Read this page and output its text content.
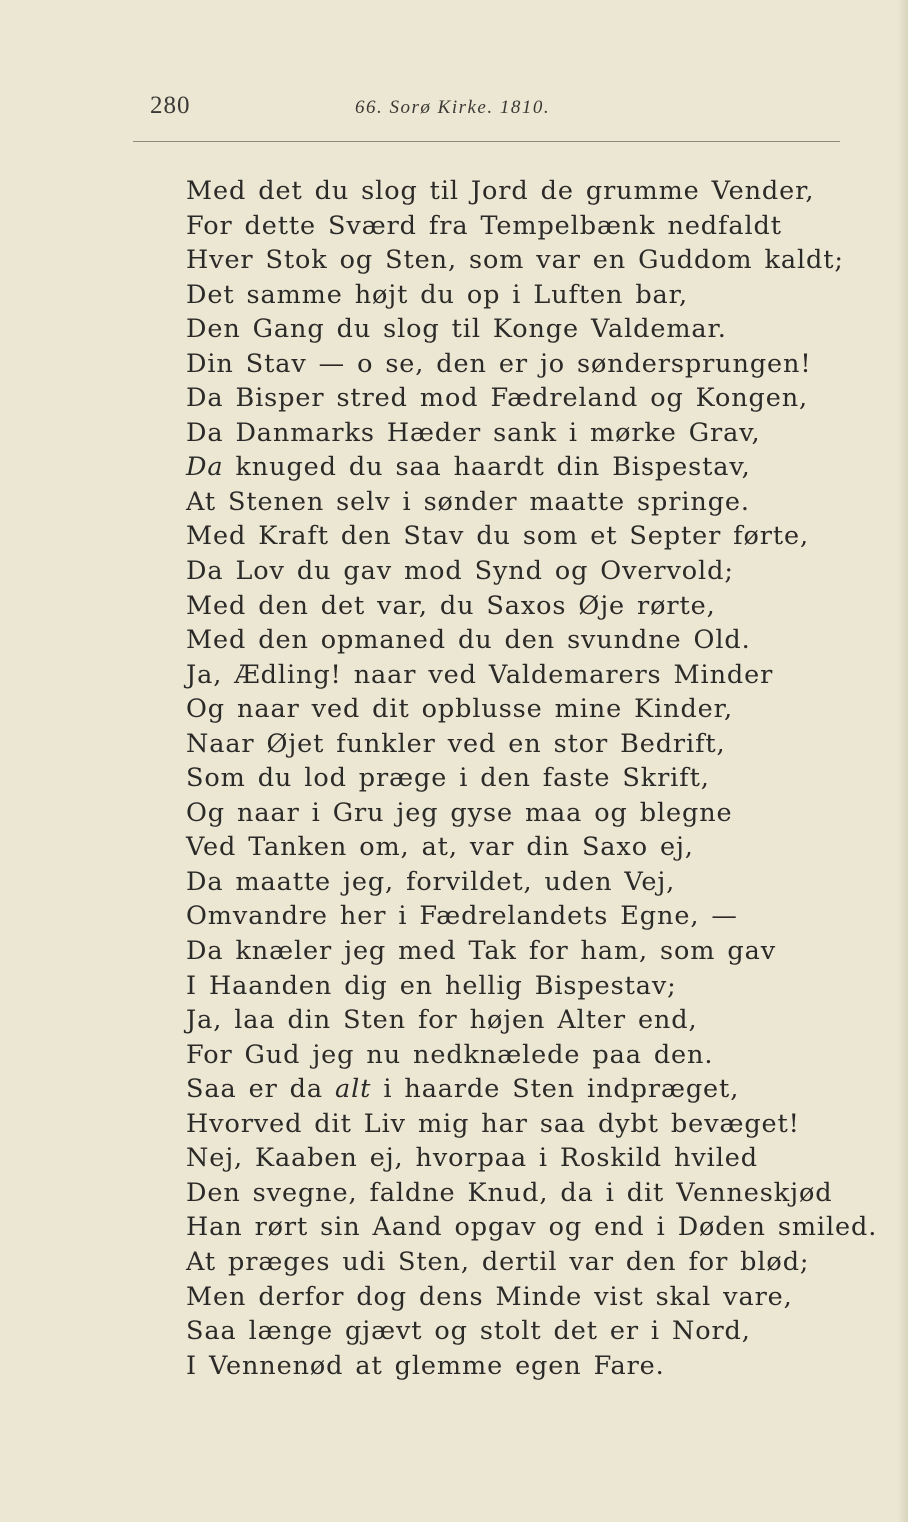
280	66. Sorø Kirke. 1810.
Med det du slog til Jord de grumme Vender,
For dette Sværd fra Tempelbænk nedfaldt
Hver Stok og Sten, som var en Guddom kaldt;
Det samme højt du op i Luften bar,
Den Gang du slog til Konge Valdemar.
Din Stav — o se, den er jo søndersprungen!
Da Bisper stred mod Fædreland og Kongen,
Da Danmarks Hæder sank i mørke Grav,
Da knuged du saa haardt din Bispestav,
At Stenen selv i sønder maatte springe.
Med Kraft den Stav du som et Septer førte,
Da Lov du gav mod Synd og Overvold;
Med den det var, du Saxos Øje rørte,
Med den opmaned du den svundne Old.
Ja, Ædling! naar ved Valdemarers Minder
Og naar ved dit opblusse mine Kinder,
Naar Øjet funkler ved en stor Bedrift,
Som du lod præge i den faste Skrift,
Og naar i Gru jeg gyse maa og blegne
Ved Tanken om, at, var din Saxo ej,
Da maatte jeg, forvildet, uden Vej,
Omvandre her i Fædrelandets Egne, —
Da knæler jeg med Tak for ham, som gav
I Haanden dig en hellig Bispestav;
Ja, laa din Sten for højen Alter end,
For Gud jeg nu nedknælede paa den.
Saa er da alt i haarde Sten indpræget,
Hvorved dit Liv mig har saa dybt bevæget!
Nej, Kaaben ej, hvorpaa i Roskild hviled
Den svegne, faldne Knud, da i dit Venneskjød
Han rørt sin Aand opgav og end i Døden smiled.
At præges udi Sten, dertil var den for blød;
Men derfor dog dens Minde vist skal vare,
Saa længe gjævt og stolt det er i Nord,
I Vennenød at glemme egen Fare.
